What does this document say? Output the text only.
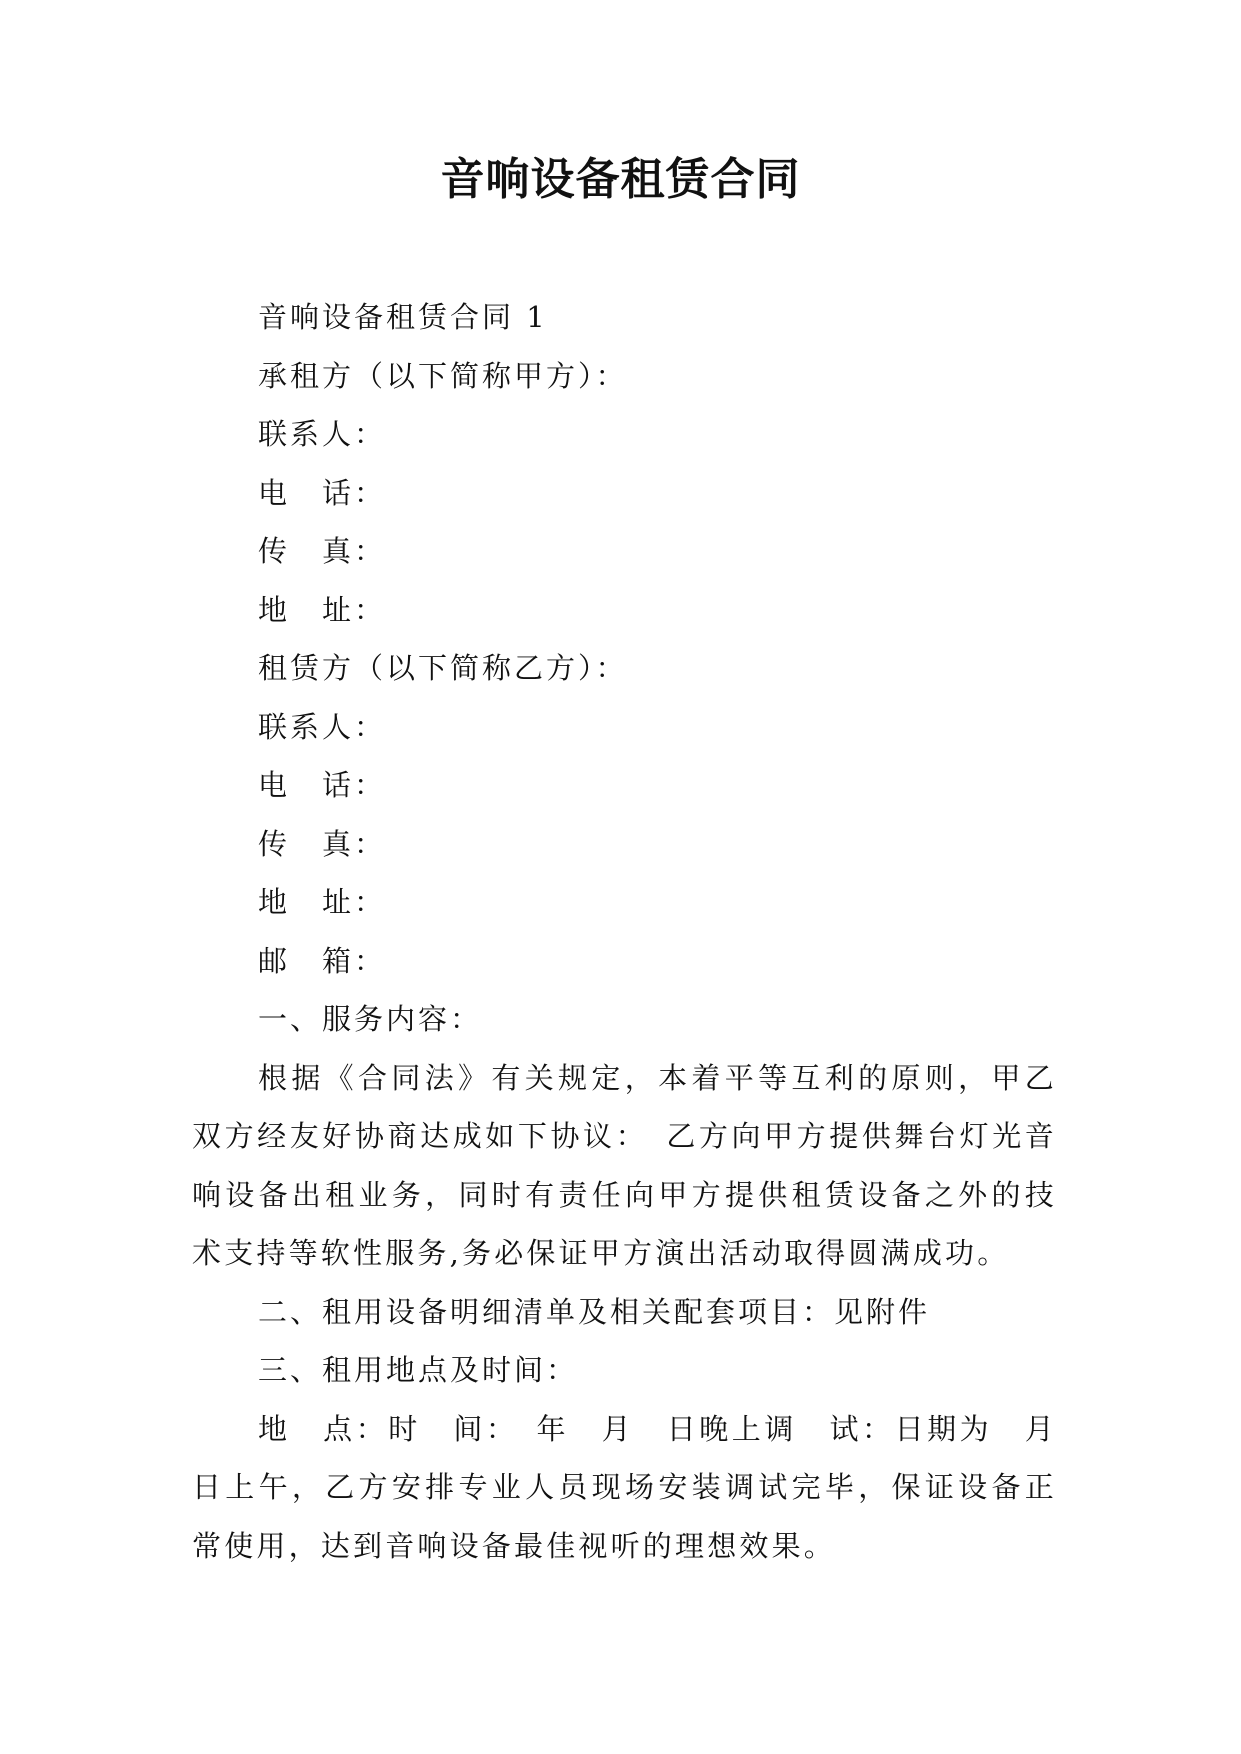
音响设备租赁合同
音响设备租赁合同 1
承租方（以下简称甲方）：
联系人：
电　话：
传　真：
地　址：
租赁方（以下简称乙方）：
联系人：
电　话：
传　真：
地　址：
邮　箱：
一、服务内容：

根据《合同法》有关规定，本着平等互利的原则，甲乙双方经友好协商达成如下协议：　乙方向甲方提供舞台灯光音响设备出租业务，同时有责任向甲方提供租赁设备之外的技术支持等软性服务,务必保证甲方演出活动取得圆满成功。

二、租用设备明细清单及相关配套项目：见附件
三、租用地点及时间：

地　点：时　间：　年　月　日晚上调　试：日期为　月　日上午，乙方安排专业人员现场安装调试完毕，保证设备正常使用，达到音响设备最佳视听的理想效果。
